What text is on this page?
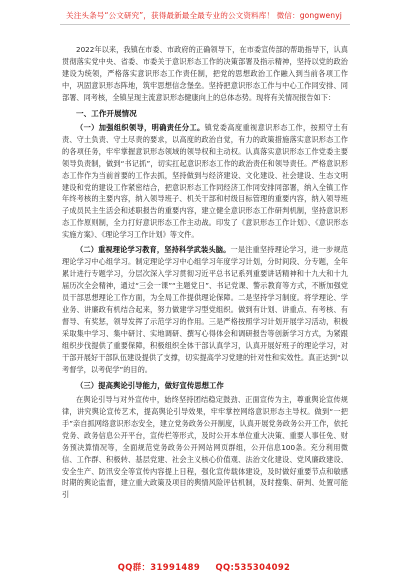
关注头条号“公文研究”，获得最新最全最专业的公文资料库！ 微信：gongwenyj

2022年以来，我镇在市委、市政府的正确领导下，在市委宣传部的帮助指导下，认真贯彻落实党中央、省委、市委关于意识形态工作的决策部署及指示精神，坚持以党的政治建设为统领，严格落实意识形态工作责任制，把党的思想政治工作融入到当前各项工作中，巩固意识形态阵地，筑牢思想信念堡垒。坚持把意识形态工作与中心工作同安排、同部署、同考核，全镇呈现主流意识形态健康向上的总体态势。现将有关情况报告如下：

一、工作开展情况
（一）加强组织领导，明确责任分工。镇党委高度重视意识形态工作，按照守土有责、守土负责、守土尽责的要求，以高度的政治自觉，有力的政策措施落实意识形态工作的各项任务，牢牢掌握意识形态领域的领导权和主动权。认真落实意识形态工作党委主要领导负责制，做到“书记抓”，切实扛起意识形态工作的政治责任和领导责任。严格意识形态工作作为当前首要的工作去抓，坚持做到与经济建设、文化建设、社会建设、生态文明建设和党的建设工作紧密结合，把意识形态工作同经济工作同安排同部署，纳入全镇工作年终考核的主要内容，纳入领导班子、机关干部和村级目标管理的重要内容，纳入领导班子成员民主生活会和述职报告的重要内容，建立健全意识形态工作研判机制，坚持意识形态工作原则制，全力打好意识形态工作主动战。印发了《意识形态工作计划》、《意识形态实施方案》、《理论学习工作计划》等文件。
（二）重视理论学习教育，坚持科学武装头脑。一是注重坚持理论学习，进一步规范理论学习中心组学习。制定理论学习中心组学习年度学习计划，分时间段、分专题，全年累计进行专题学习，分层次深入学习贯彻习近平总书记系列重要讲话精神和十九大和十九届历次全会精神，通过“三会一课”“主题党日”、书记党课、警示教育等方式，不断加强党员干部思想理论工作方面，为全局工作提供理论保障。二是坚持学习制度。将学理论、学业务、讲廉政有机结合起来，努力做建学习型党组织。做到有计划、讲重点、有考核、有督导、有奖惩，领导发挥了示范学习的作用。三是严格按照学习计划开展学习活动，积极采取集中学习、集中研讨、实地调研、撰写心得体会和调研报告等创新学习方式，为紧跟组织步伐提供了重要保障，积极组织全体干部认真学习，认真开展好班子的理论学习，对干部开展好干部队伍建设提供了支撑，切实提高学习党建的针对性和实效性。真正达到“以考督学，以考促学”的目的。
（三）提高舆论引导能力，做好宣传思想工作

在舆论引导与对外宣传中，始终坚持团结稳定鼓劲、正面宣传为主，尊重舆论宣传规律，讲究舆论宣传艺术，提高舆论引导效果，牢牢掌控网络意识形态主导权。做到“一把手”亲自抓网络意识形态安全，建立党务政务公开制度，认真开展党务政务公开工作，依托党务、政务信息公开平台，宣传栏等形式，及时公开本单位重大决策、重要人事任免、财务预决算情况等，全面规范党务政务公开网站网页群组，公开信息100条。充分利用微信、工作群、积极转、基层党建、社会主义核心价值观、法治文化建设、党风廉政建设、安全生产、防汛安全等宣传内容提上日程，强化宣传载体建设，及时做好重要节点和敏感时期的舆论监督，建立重大政策及项目的舆情风险评估机制，及时搜集、研判、处置可能引

QQ群：31991489 QQ:535304092
